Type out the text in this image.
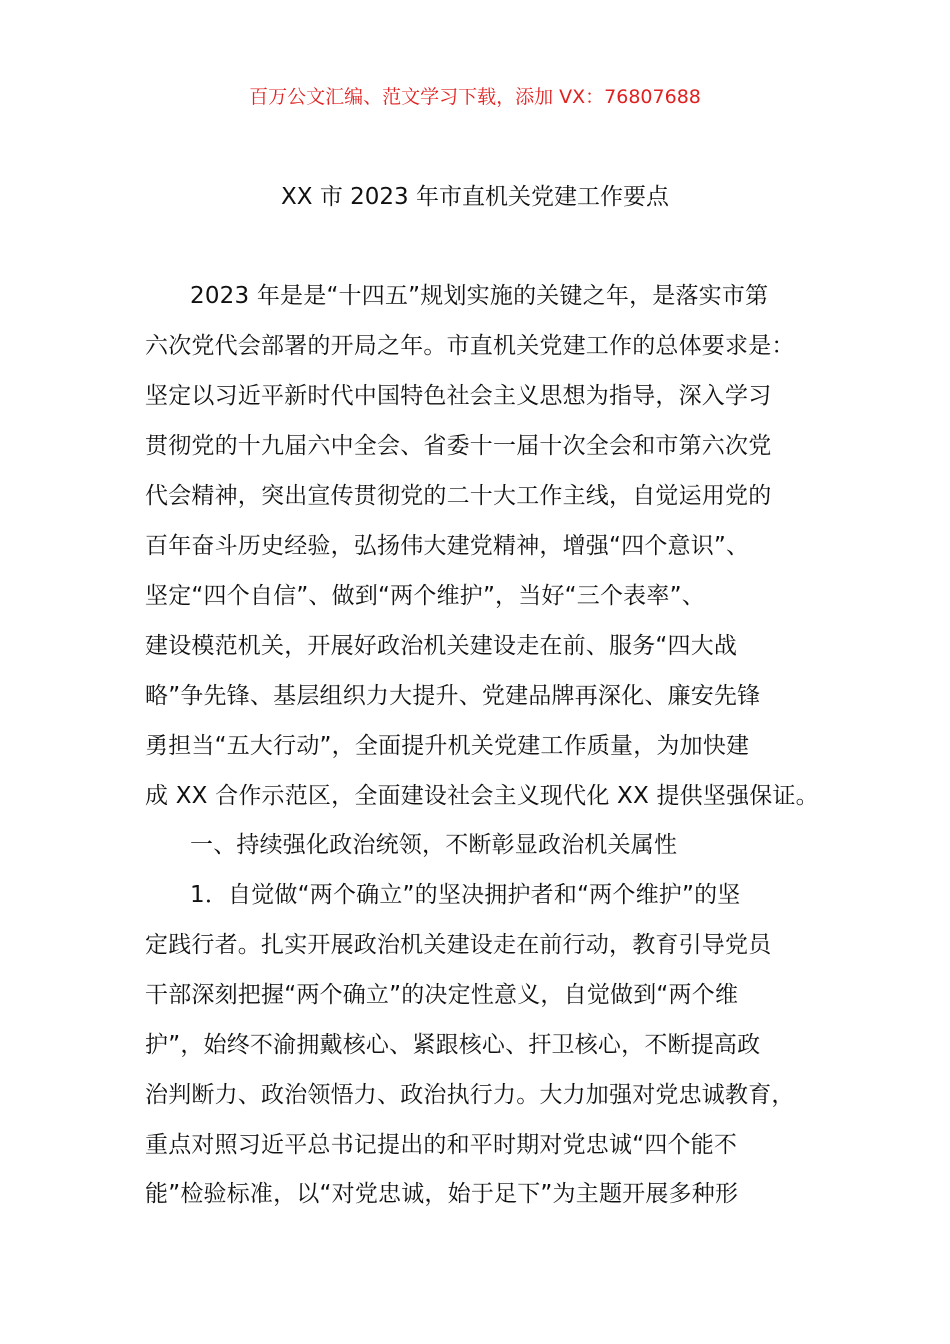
百万公文汇编、范文学习下载，添加 VX：76807688
XX 市 2023 年市直机关党建工作要点
2023 年是是“十四五”规划实施的关键之年，是落实市第
六次党代会部署的开局之年。市直机关党建工作的总体要求是：
坚定以习近平新时代中国特色社会主义思想为指导，深入学习
贯彻党的十九届六中全会、省委十一届十次全会和市第六次党
代会精神，突出宣传贯彻党的二十大工作主线，自觉运用党的
百年奋斗历史经验，弘扬伟大建党精神，增强“四个意识”、
坚定“四个自信”、做到“两个维护”，当好“三个表率”、
建设模范机关，开展好政治机关建设走在前、服务“四大战
略”争先锋、基层组织力大提升、党建品牌再深化、廉安先锋
勇担当“五大行动”，全面提升机关党建工作质量，为加快建
成 XX 合作示范区，全面建设社会主义现代化 XX 提供坚强保证。
一、持续强化政治统领，不断彰显政治机关属性
1．自觉做“两个确立”的坚决拥护者和“两个维护”的坚
定践行者。扎实开展政治机关建设走在前行动，教育引导党员
干部深刻把握“两个确立”的决定性意义，自觉做到“两个维
护”，始终不渝拥戴核心、紧跟核心、扞卫核心，不断提高政
治判断力、政治领悟力、政治执行力。大力加强对党忠诚教育，
重点对照习近平总书记提出的和平时期对党忠诚“四个能不
能”检验标准，以“对党忠诚，始于足下”为主题开展多种形
